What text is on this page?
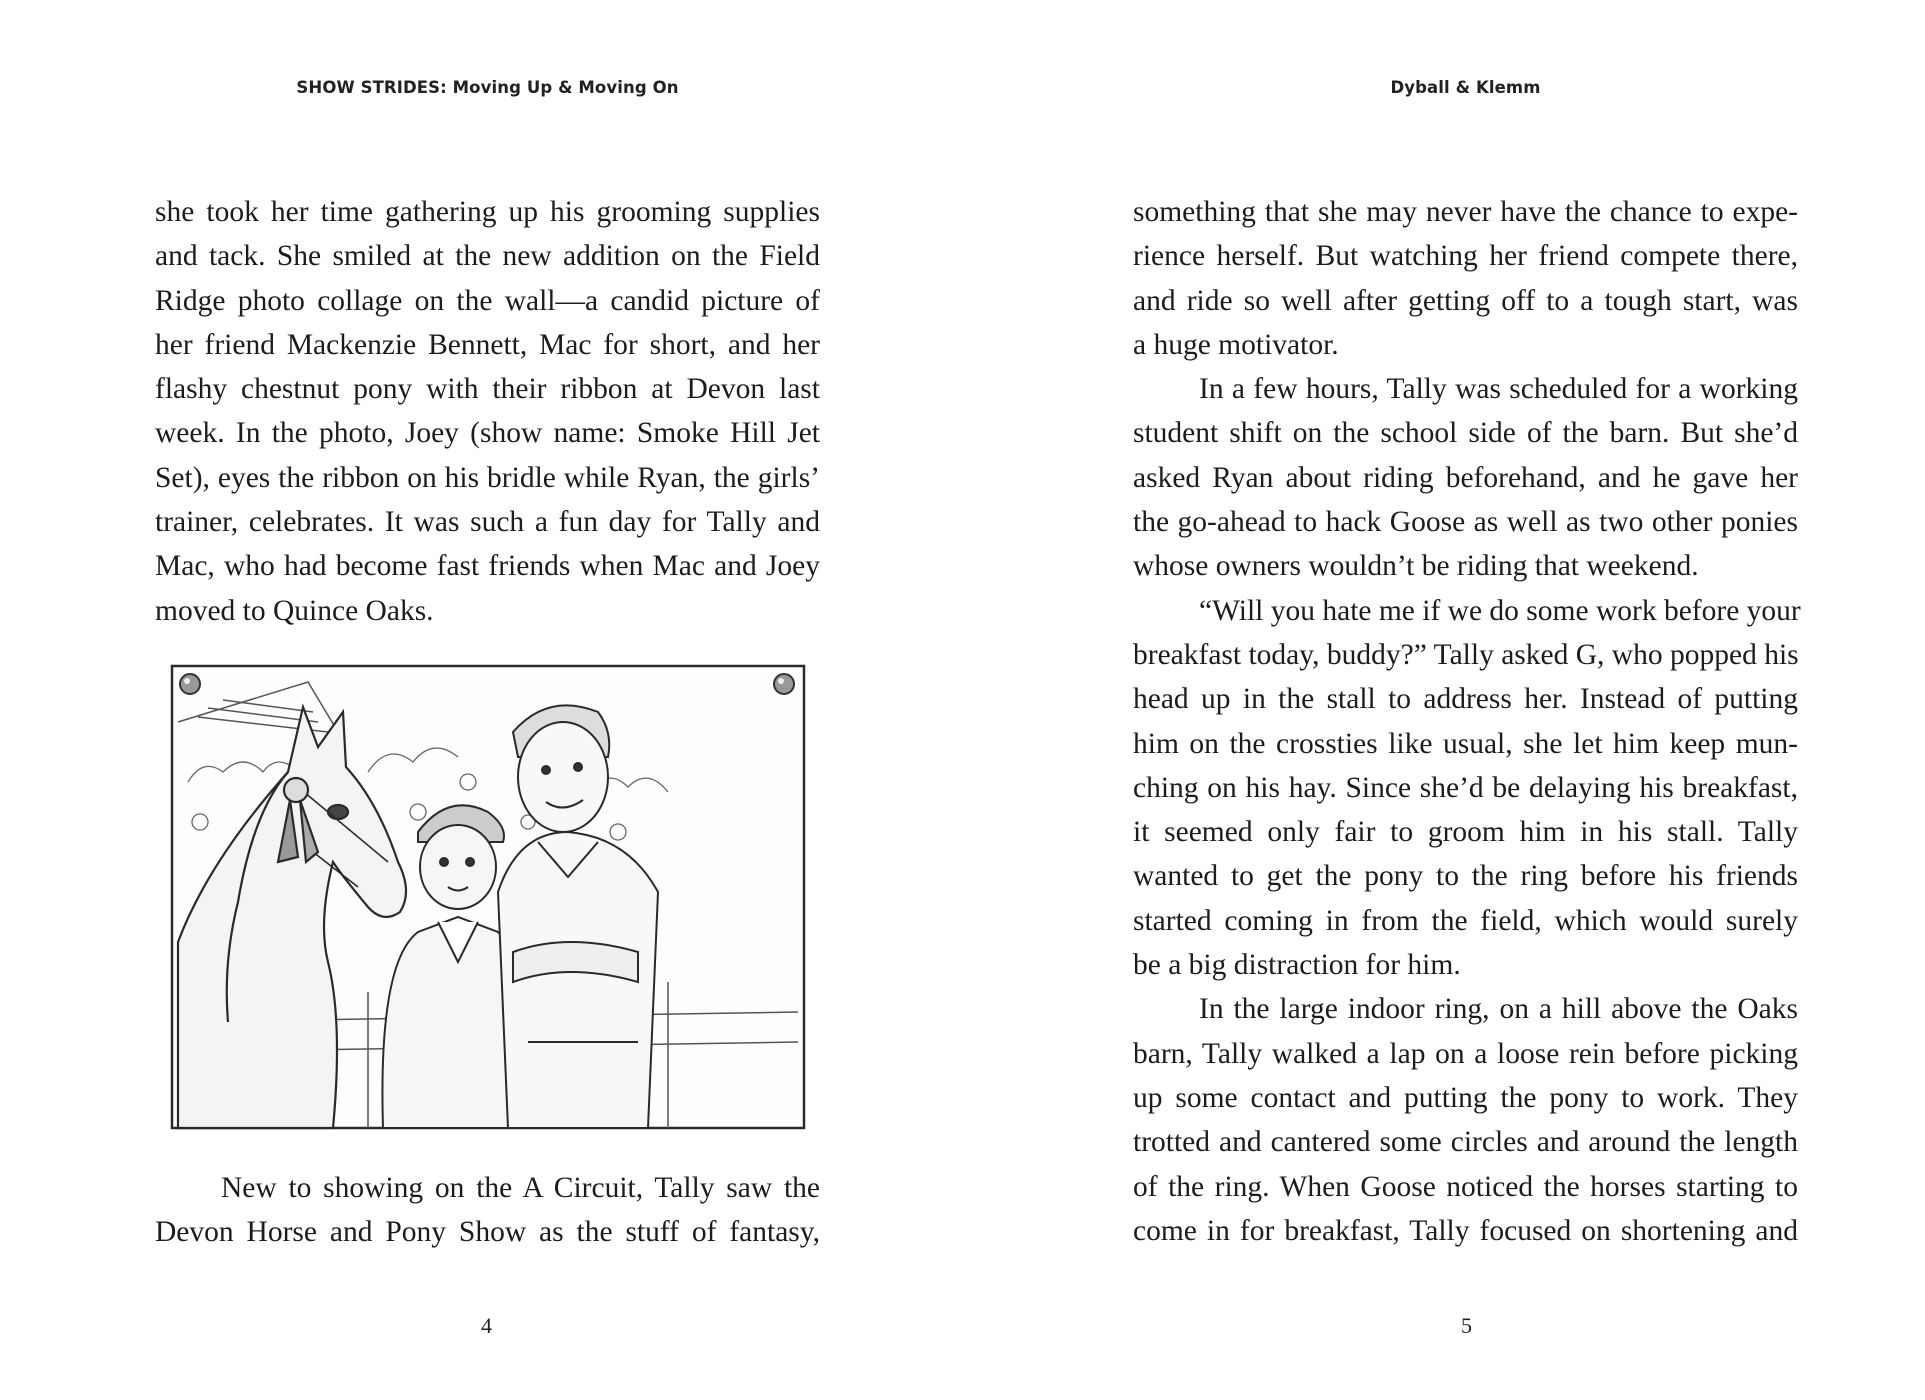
SHOW STRIDES: Moving Up & Moving On
she took her time gathering up his grooming supplies
and tack. She smiled at the new addition on the Field
Ridge photo collage on the wall—a candid picture of
her friend Mackenzie Bennett, Mac for short, and her
flashy chestnut pony with their ribbon at Devon last
week. In the photo, Joey (show name: Smoke Hill Jet
Set), eyes the ribbon on his bridle while Ryan, the girls’
trainer, celebrates. It was such a fun day for Tally and
Mac, who had become fast friends when Mac and Joey
moved to Quince Oaks.
New to showing on the A Circuit, Tally saw the
Devon Horse and Pony Show as the stuff of fantasy,
4
Dyball & Klemm
something that she may never have the chance to expe-
rience herself. But watching her friend compete there,
and ride so well after getting off to a tough start, was
a huge motivator.
In a few hours, Tally was scheduled for a working
student shift on the school side of the barn. But she’d
asked Ryan about riding beforehand, and he gave her
the go-ahead to hack Goose as well as two other ponies
whose owners wouldn’t be riding that weekend.
“Will you hate me if we do some work before your
breakfast today, buddy?” Tally asked G, who popped his
head up in the stall to address her. Instead of putting
him on the crossties like usual, she let him keep mun-
ching on his hay. Since she’d be delaying his breakfast,
it seemed only fair to groom him in his stall. Tally
wanted to get the pony to the ring before his friends
started coming in from the field, which would surely
be a big distraction for him.
In the large indoor ring, on a hill above the Oaks
barn, Tally walked a lap on a loose rein before picking
up some contact and putting the pony to work. They
trotted and cantered some circles and around the length
of the ring. When Goose noticed the horses starting to
come in for breakfast, Tally focused on shortening and
5
